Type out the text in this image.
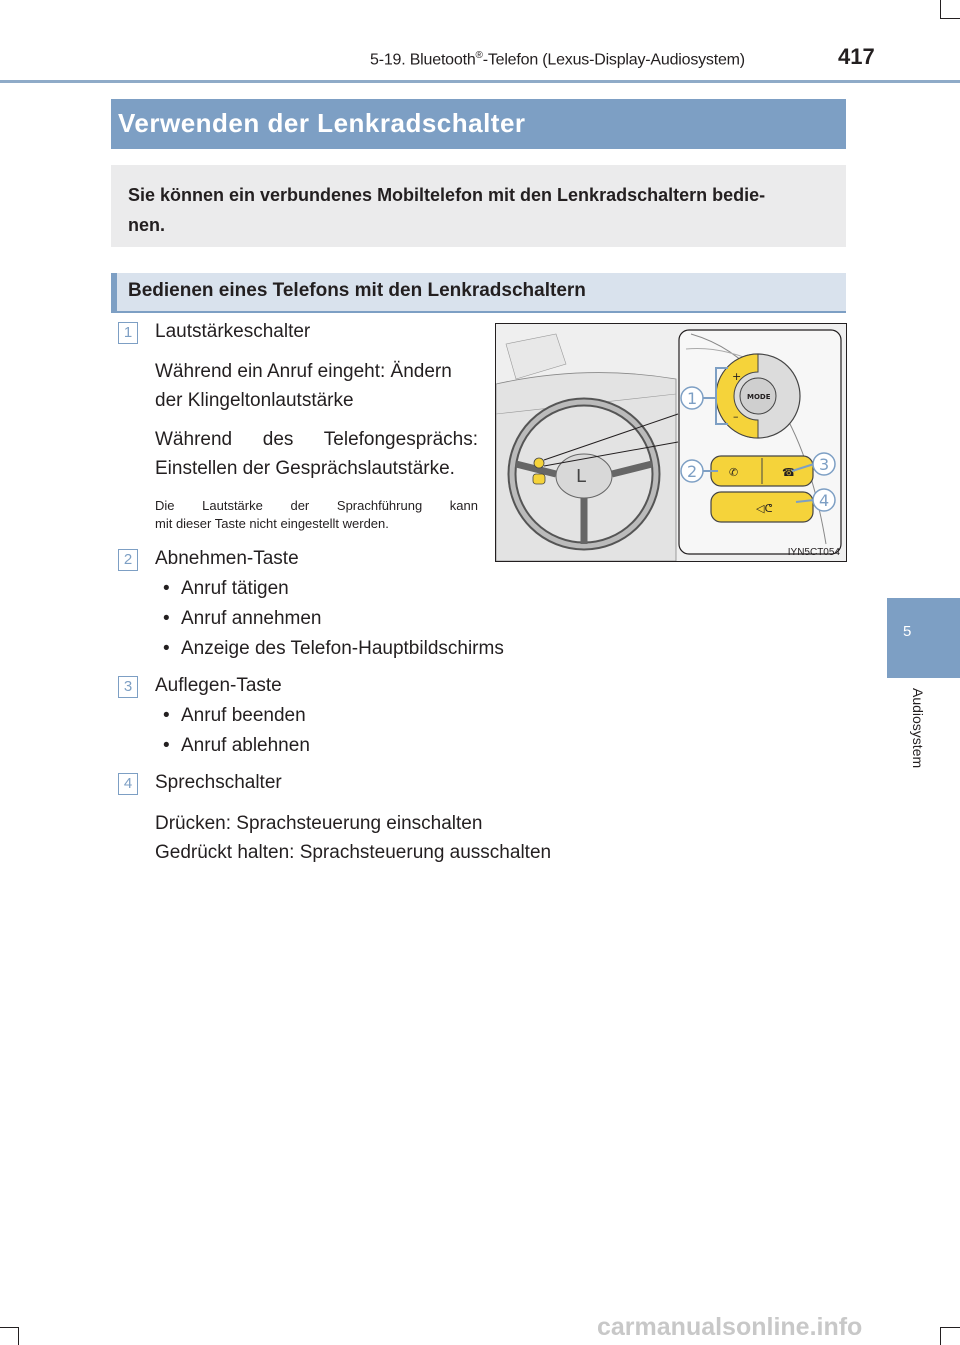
5-19. Bluetooth®-Telefon (Lexus-Display-Audiosystem)	417
5
Audiosystem
Verwenden der Lenkradschalter
Sie können ein verbundenes Mobiltelefon mit den Lenkradschaltern bedie-
nen.
Bedienen eines Telefons mit den Lenkradschaltern
1	Lautstärkeschalter
Während ein Anruf eingeht: Ändern
der Klingeltonlautstärke
Während des Telefongesprächs:
Einstellen der Gesprächslautstärke.
Die Lautstärke der Sprachführung kann
mit dieser Taste nicht eingestellt werden.
L
MODE
+
–
✆	☎
◁ᕦ
1
2	3
4
IYN5CT054
2	Abnehmen-Taste
• Anruf tätigen
• Anruf annehmen
• Anzeige des Telefon-Hauptbildschirms
3	Auflegen-Taste
• Anruf beenden
• Anruf ablehnen
4	Sprechschalter
Drücken: Sprachsteuerung einschalten
Gedrückt halten: Sprachsteuerung ausschalten
carmanualsonline.info
